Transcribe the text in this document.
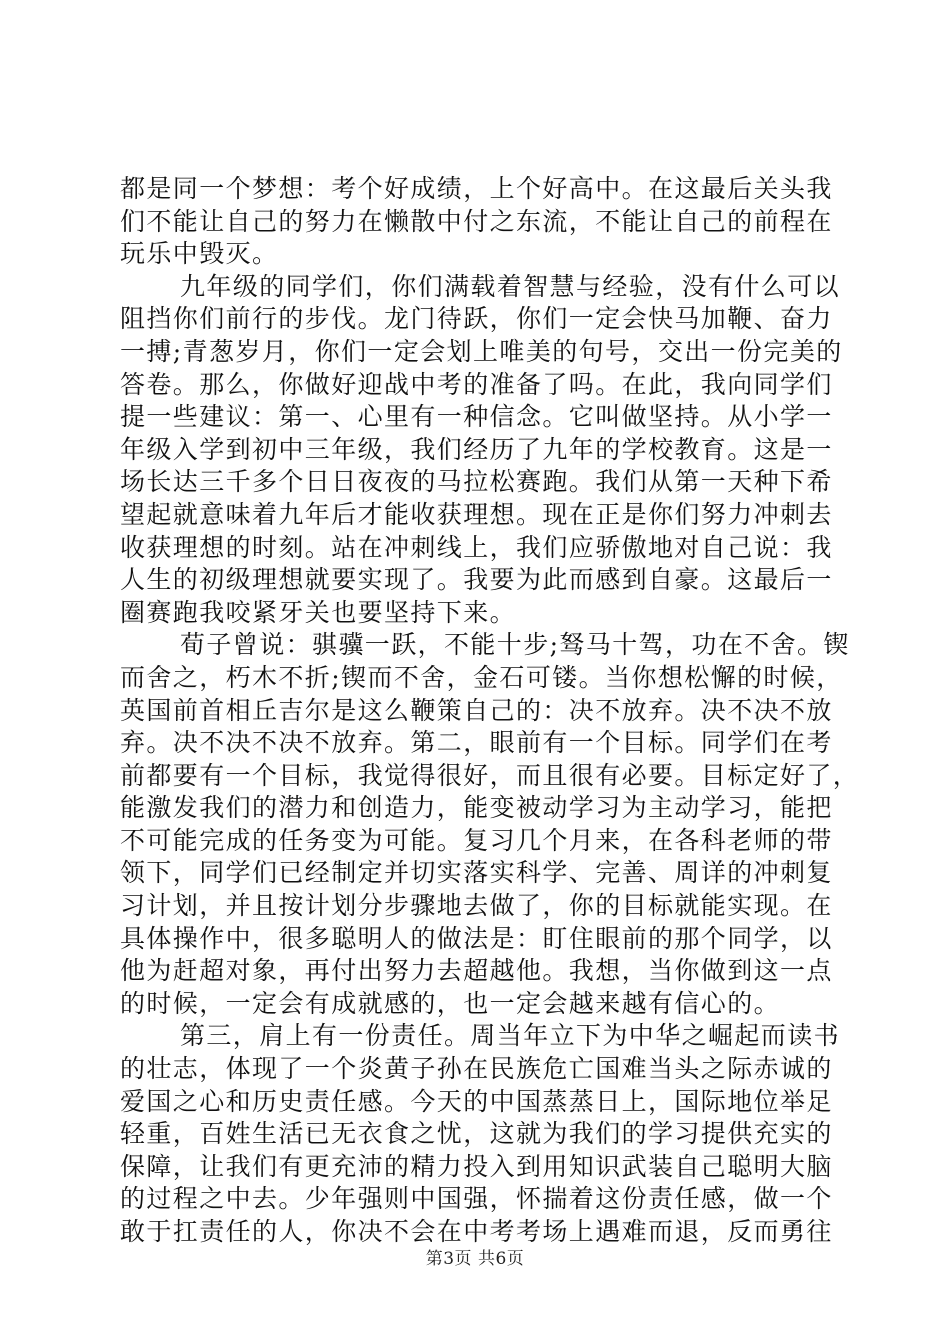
都是同一个梦想：考个好成绩，上个好高中。在这最后关头我
们不能让自己的努力在懒散中付之东流，不能让自己的前程在
玩乐中毁灭。
九年级的同学们，你们满载着智慧与经验，没有什么可以
阻挡你们前行的步伐。龙门待跃，你们一定会快马加鞭、奋力
一搏;青葱岁月，你们一定会划上唯美的句号，交出一份完美的
答卷。那么，你做好迎战中考的准备了吗。在此，我向同学们
提一些建议：第一、心里有一种信念。它叫做坚持。从小学一
年级入学到初中三年级，我们经历了九年的学校教育。这是一
场长达三千多个日日夜夜的马拉松赛跑。我们从第一天种下希
望起就意味着九年后才能收获理想。现在正是你们努力冲刺去
收获理想的时刻。站在冲刺线上，我们应骄傲地对自己说：我
人生的初级理想就要实现了。我要为此而感到自豪。这最后一
圈赛跑我咬紧牙关也要坚持下来。
荀子曾说：骐骥一跃，不能十步;驽马十驾，功在不舍。锲
而舍之，朽木不折;锲而不舍，金石可镂。当你想松懈的时候，
英国前首相丘吉尔是这么鞭策自己的：决不放弃。决不决不放
弃。决不决不决不放弃。第二，眼前有一个目标。同学们在考
前都要有一个目标，我觉得很好，而且很有必要。目标定好了，
能激发我们的潜力和创造力，能变被动学习为主动学习，能把
不可能完成的任务变为可能。复习几个月来，在各科老师的带
领下，同学们已经制定并切实落实科学、完善、周详的冲刺复
习计划，并且按计划分步骤地去做了，你的目标就能实现。在
具体操作中，很多聪明人的做法是：盯住眼前的那个同学，以
他为赶超对象，再付出努力去超越他。我想，当你做到这一点
的时候，一定会有成就感的，也一定会越来越有信心的。
第三，肩上有一份责任。周当年立下为中华之崛起而读书
的壮志，体现了一个炎黄子孙在民族危亡国难当头之际赤诚的
爱国之心和历史责任感。今天的中国蒸蒸日上，国际地位举足
轻重，百姓生活已无衣食之忧，这就为我们的学习提供充实的
保障，让我们有更充沛的精力投入到用知识武装自己聪明大脑
的过程之中去。少年强则中国强，怀揣着这份责任感，做一个
敢于扛责任的人，你决不会在中考考场上遇难而退，反而勇往
第3页 共6页
